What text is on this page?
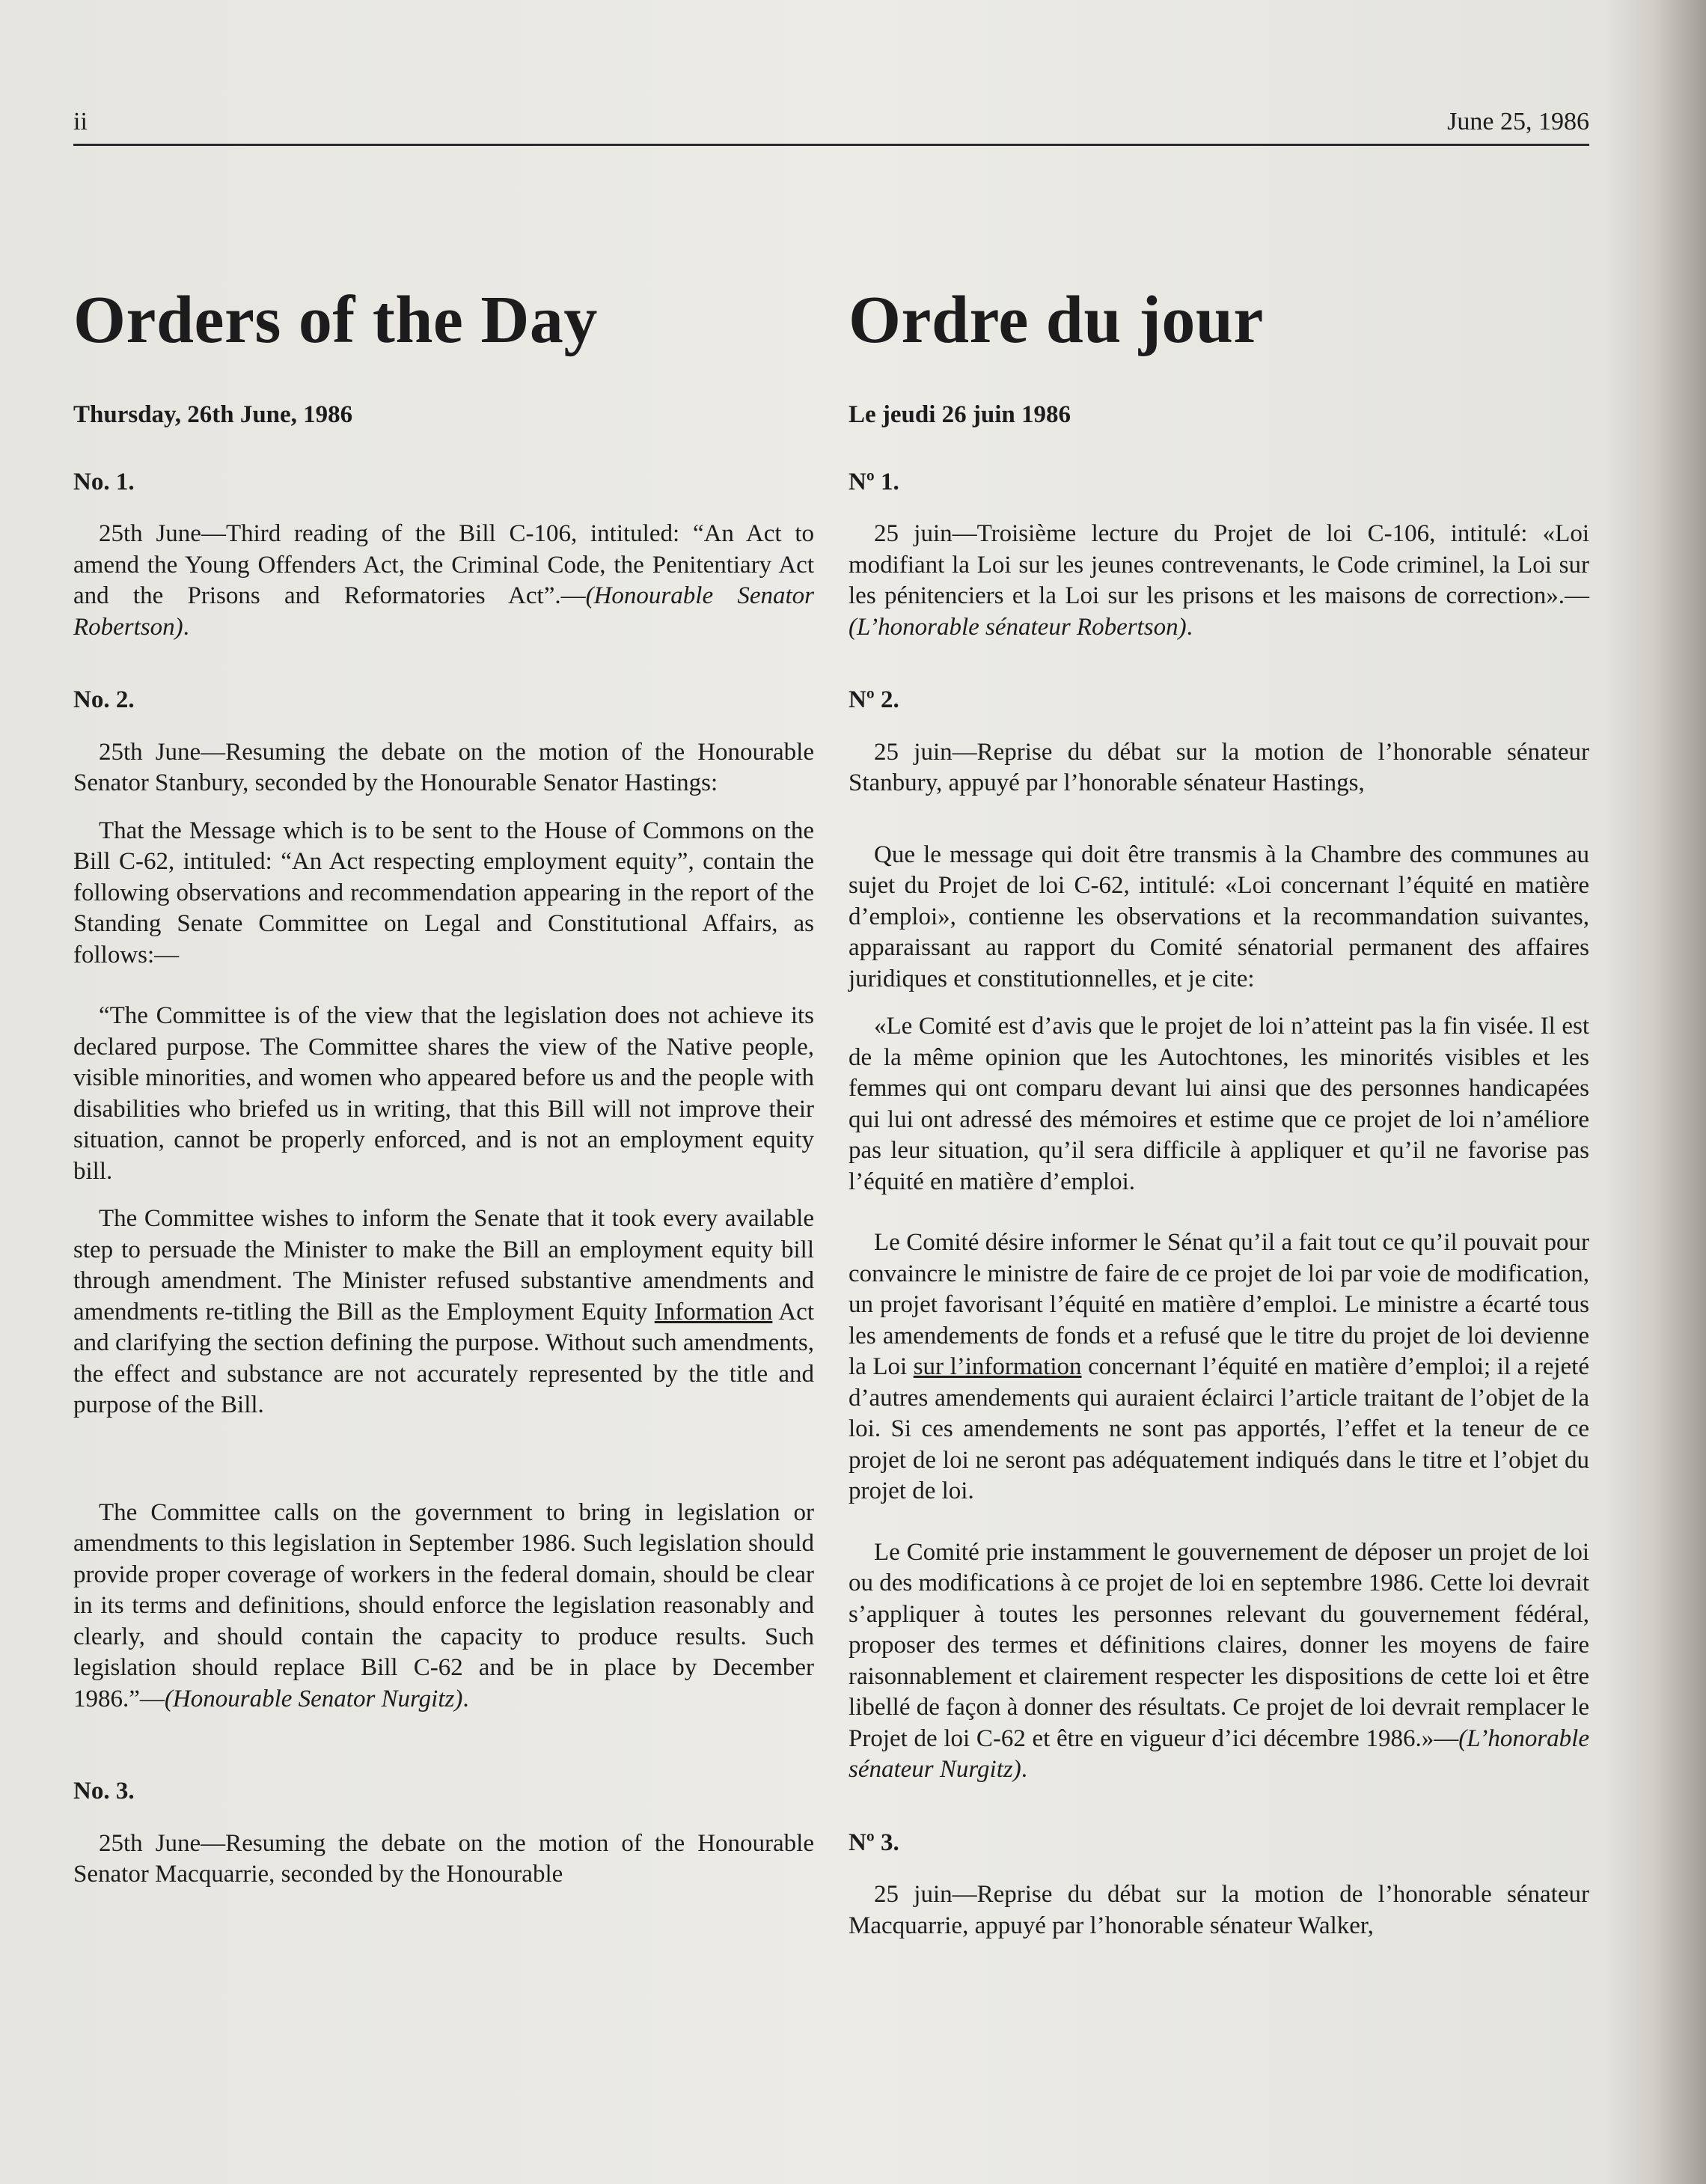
ii	June 25, 1986
Orders of the Day
Thursday, 26th June, 1986
No. 1.

25th June—Third reading of the Bill C-106, intituled: “An Act to amend the Young Offenders Act, the Criminal Code, the Penitentiary Act and the Prisons and Reformatories Act”.—(Honourable Senator Robertson).

No. 2.

25th June—Resuming the debate on the motion of the Honourable Senator Stanbury, seconded by the Honourable Senator Hastings:

That the Message which is to be sent to the House of Commons on the Bill C-62, intituled: “An Act respecting employment equity”, contain the following observations and recommendation appearing in the report of the Standing Senate Committee on Legal and Constitutional Affairs, as follows:—

“The Committee is of the view that the legislation does not achieve its declared purpose. The Committee shares the view of the Native people, visible minorities, and women who appeared before us and the people with disabilities who briefed us in writing, that this Bill will not improve their situation, cannot be properly enforced, and is not an employment equity bill.

The Committee wishes to inform the Senate that it took every available step to persuade the Minister to make the Bill an employment equity bill through amendment. The Minister refused substantive amendments and amendments re-titling the Bill as the Employment Equity Information Act and clarifying the section defining the purpose. Without such amendments, the effect and substance are not accurately represented by the title and purpose of the Bill.

The Committee calls on the government to bring in legislation or amendments to this legislation in September 1986. Such legislation should provide proper coverage of workers in the federal domain, should be clear in its terms and definitions, should enforce the legislation reasonably and clearly, and should contain the capacity to produce results. Such legislation should replace Bill C-62 and be in place by December 1986.”—(Honourable Senator Nurgitz).

No. 3.

25th June—Resuming the debate on the motion of the Honourable Senator Macquarrie, seconded by the Honourable

Ordre du jour
Le jeudi 26 juin 1986
Nº 1.

25 juin—Troisième lecture du Projet de loi C-106, intitulé: «Loi modifiant la Loi sur les jeunes contrevenants, le Code criminel, la Loi sur les pénitenciers et la Loi sur les prisons et les maisons de correction».—(L’honorable sénateur Robertson).

Nº 2.

25 juin—Reprise du débat sur la motion de l’honorable sénateur Stanbury, appuyé par l’honorable sénateur Hastings,

Que le message qui doit être transmis à la Chambre des communes au sujet du Projet de loi C-62, intitulé: «Loi concernant l’équité en matière d’emploi», contienne les observations et la recommandation suivantes, apparaissant au rapport du Comité sénatorial permanent des affaires juridiques et constitutionnelles, et je cite:

«Le Comité est d’avis que le projet de loi n’atteint pas la fin visée. Il est de la même opinion que les Autochtones, les minorités visibles et les femmes qui ont comparu devant lui ainsi que des personnes handicapées qui lui ont adressé des mémoires et estime que ce projet de loi n’améliore pas leur situation, qu’il sera difficile à appliquer et qu’il ne favorise pas l’équité en matière d’emploi.

Le Comité désire informer le Sénat qu’il a fait tout ce qu’il pouvait pour convaincre le ministre de faire de ce projet de loi par voie de modification, un projet favorisant l’équité en matière d’emploi. Le ministre a écarté tous les amendements de fonds et a refusé que le titre du projet de loi devienne la Loi sur l’information concernant l’équité en matière d’emploi; il a rejeté d’autres amendements qui auraient éclairci l’article traitant de l’objet de la loi. Si ces amendements ne sont pas apportés, l’effet et la teneur de ce projet de loi ne seront pas adéquatement indiqués dans le titre et l’objet du projet de loi.

Le Comité prie instamment le gouvernement de déposer un projet de loi ou des modifications à ce projet de loi en septembre 1986. Cette loi devrait s’appliquer à toutes les personnes relevant du gouvernement fédéral, proposer des termes et définitions claires, donner les moyens de faire raisonnablement et clairement respecter les dispositions de cette loi et être libellé de façon à donner des résultats. Ce projet de loi devrait remplacer le Projet de loi C-62 et être en vigueur d’ici décembre 1986.»—(L’honorable sénateur Nurgitz).

Nº 3.

25 juin—Reprise du débat sur la motion de l’honorable sénateur Macquarrie, appuyé par l’honorable sénateur Walker,
